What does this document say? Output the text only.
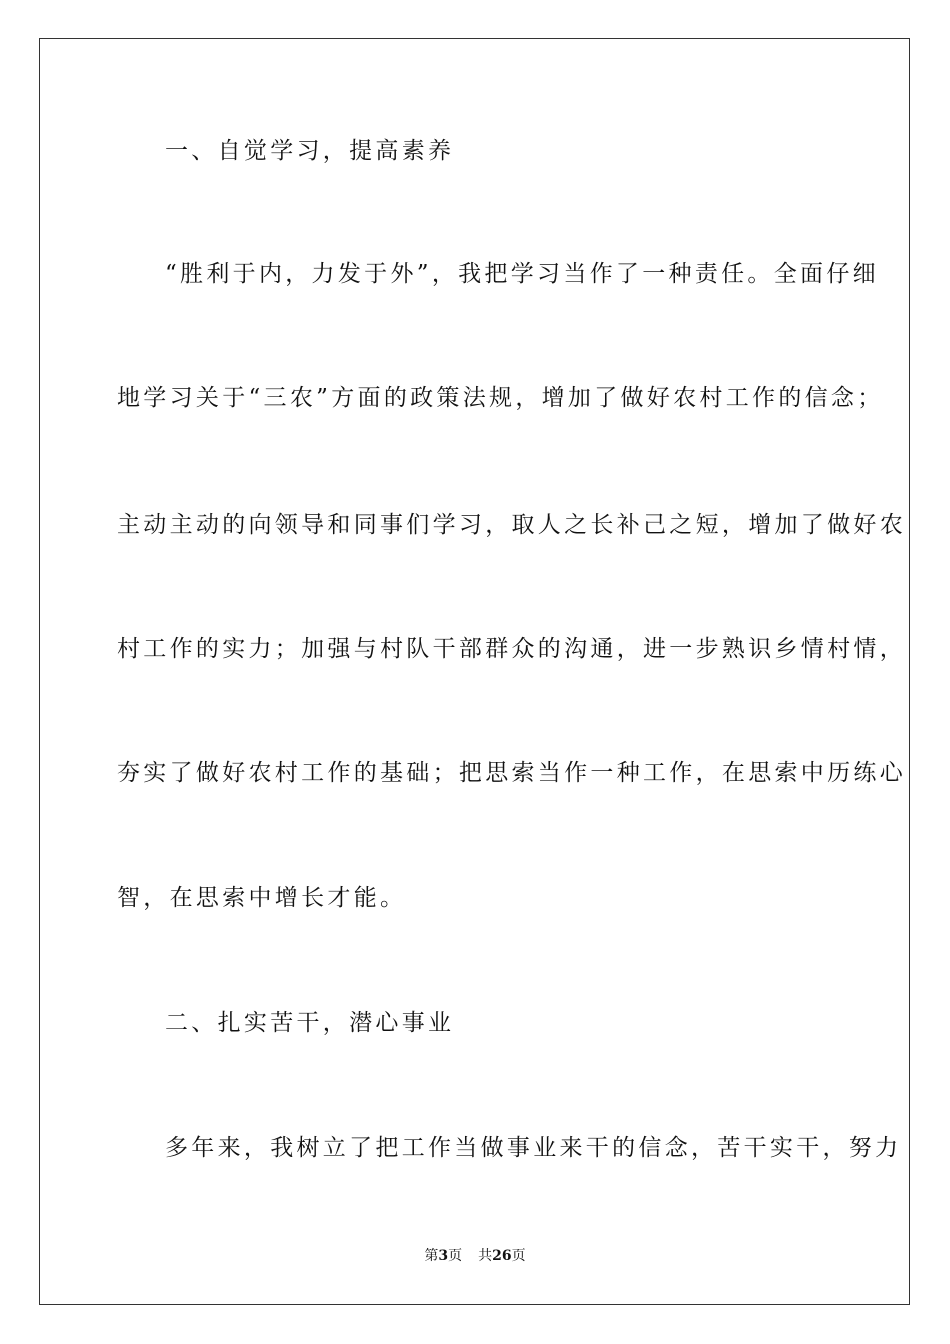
一、自觉学习，提高素养
“胜利于内，力发于外”，我把学习当作了一种责任。全面仔细
地学习关于“三农”方面的政策法规，增加了做好农村工作的信念；
主动主动的向领导和同事们学习，取人之长补己之短，增加了做好农
村工作的实力；加强与村队干部群众的沟通，进一步熟识乡情村情，
夯实了做好农村工作的基础；把思索当作一种工作，在思索中历练心
智，在思索中增长才能。
二、扎实苦干，潜心事业
多年来，我树立了把工作当做事业来干的信念，苦干实干，努力
第3页 共26页
